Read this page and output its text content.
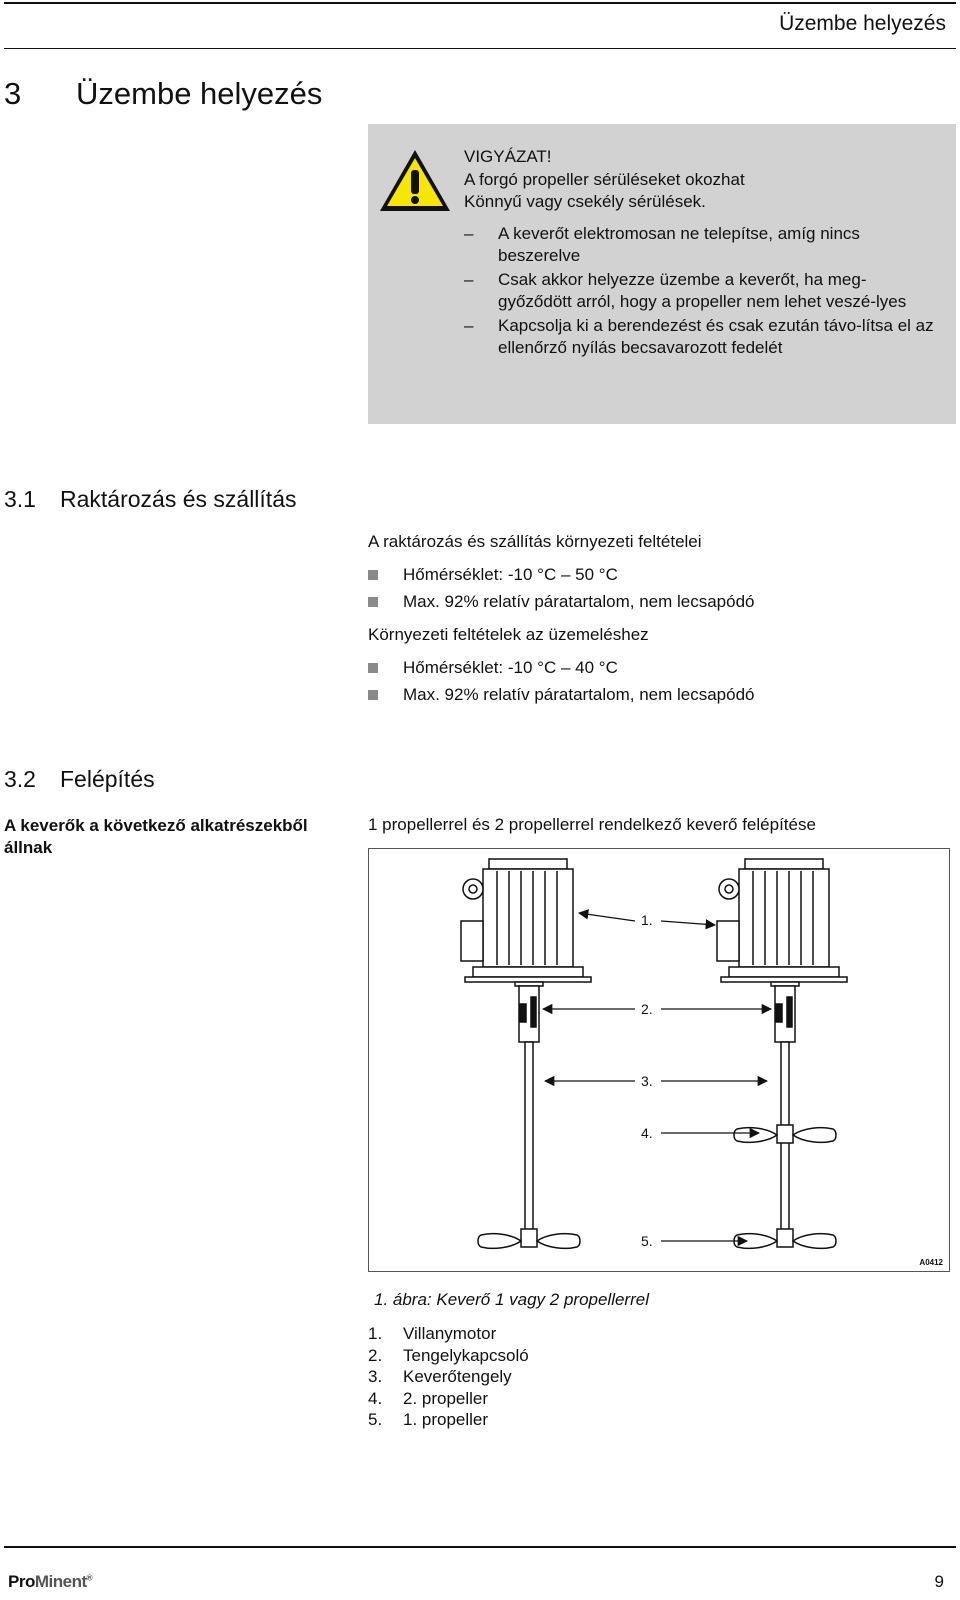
Üzembe helyezés
3 Üzembe helyezés
VIGYÁZAT!
A forgó propeller sérüléseket okozhat
Könnyű vagy csekély sérülések.
– A keverőt elektromosan ne telepítse, amíg nincs beszerelve
– Csak akkor helyezze üzembe a keverőt, ha meg‐győződött arról, hogy a propeller nem lehet veszé‐lyes
– Kapcsolja ki a berendezést és csak ezután távo‐lítsa el az ellenőrző nyílás becsavarozott fedelét
3.1 Raktározás és szállítás

A raktározás és szállítás környezeti feltételei

Hőmérséklet: -10 °C – 50 °C
Max. 92% relatív páratartalom, nem lecsapódó

Környezeti feltételek az üzemeléshez

Hőmérséklet: -10 °C – 40 °C
Max. 92% relatív páratartalom, nem lecsapódó
3.2 Felépítés
A keverők a következő alkatrészekből állnak
1 propellerrel és 2 propellerrel rendelkező keverő felépítése
1.
2.
3.
4.
5.
A0412
1. ábra: Keverő 1 vagy 2 propellerrel
1.	Villanymotor
2.	Tengelykapcsoló
3.	Keverőtengely
4.	2. propeller
5.	1. propeller
ProMinent®	9
